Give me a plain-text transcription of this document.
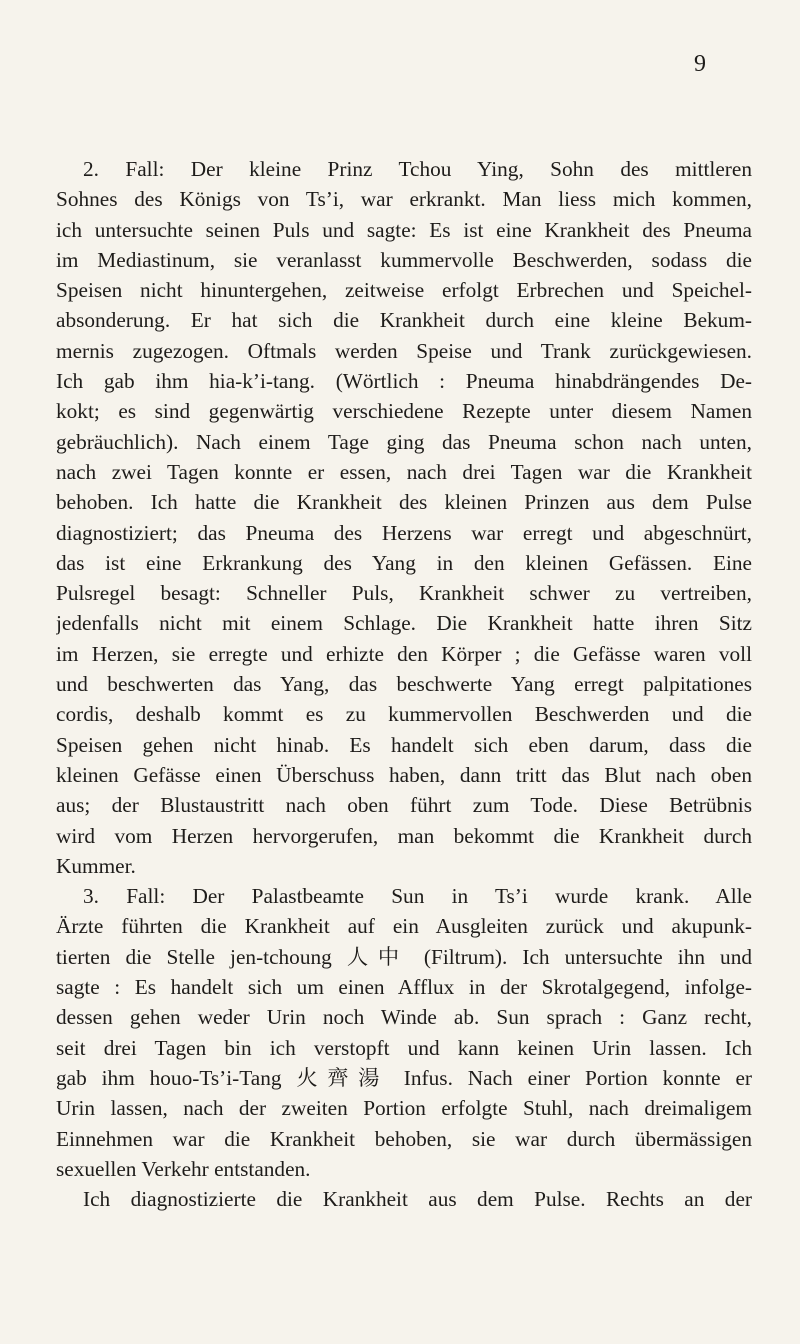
9
2. Fall: Der kleine Prinz Tchou Ying, Sohn des mittleren
Sohnes des Königs von Ts’i, war erkrankt. Man liess mich kommen,
ich untersuchte seinen Puls und sagte: Es ist eine Krankheit des Pneuma
im Mediastinum, sie veranlasst kummervolle Beschwerden, sodass die
Speisen nicht hinuntergehen, zeitweise erfolgt Erbrechen und Speichel-
absonderung. Er hat sich die Krankheit durch eine kleine Bekum-
mernis zugezogen. Oftmals werden Speise und Trank zurückgewiesen.
Ich gab ihm hia-k’i-tang. (Wörtlich : Pneuma hinabdrängendes De-
kokt; es sind gegenwärtig verschiedene Rezepte unter diesem Namen
gebräuchlich). Nach einem Tage ging das Pneuma schon nach unten,
nach zwei Tagen konnte er essen, nach drei Tagen war die Krankheit
behoben. Ich hatte die Krankheit des kleinen Prinzen aus dem Pulse
diagnostiziert; das Pneuma des Herzens war erregt und abgeschnürt,
das ist eine Erkrankung des Yang in den kleinen Gefässen. Eine
Pulsregel besagt: Schneller Puls, Krankheit schwer zu vertreiben,
jedenfalls nicht mit einem Schlage. Die Krankheit hatte ihren Sitz
im Herzen, sie erregte und erhizte den Körper ; die Gefässe waren voll
und beschwerten das Yang, das beschwerte Yang erregt palpitationes
cordis, deshalb kommt es zu kummervollen Beschwerden und die
Speisen gehen nicht hinab. Es handelt sich eben darum, dass die
kleinen Gefässe einen Überschuss haben, dann tritt das Blut nach oben
aus; der Blustaustritt nach oben führt zum Tode. Diese Betrübnis
wird vom Herzen hervorgerufen, man bekommt die Krankheit durch
Kummer.
3. Fall: Der Palastbeamte Sun in Ts’i wurde krank. Alle
Ärzte führten die Krankheit auf ein Ausgleiten zurück und akupunk-
tierten die Stelle jen-tchoung 人中 (Filtrum). Ich untersuchte ihn und
sagte : Es handelt sich um einen Afflux in der Skrotalgegend, infolge-
dessen gehen weder Urin noch Winde ab. Sun sprach : Ganz recht,
seit drei Tagen bin ich verstopft und kann keinen Urin lassen. Ich
gab ihm houo-Ts’i-Tang 火齊湯 Infus. Nach einer Portion konnte er
Urin lassen, nach der zweiten Portion erfolgte Stuhl, nach dreimaligem
Einnehmen war die Krankheit behoben, sie war durch übermässigen
sexuellen Verkehr entstanden.
Ich diagnostizierte die Krankheit aus dem Pulse. Rechts an der
